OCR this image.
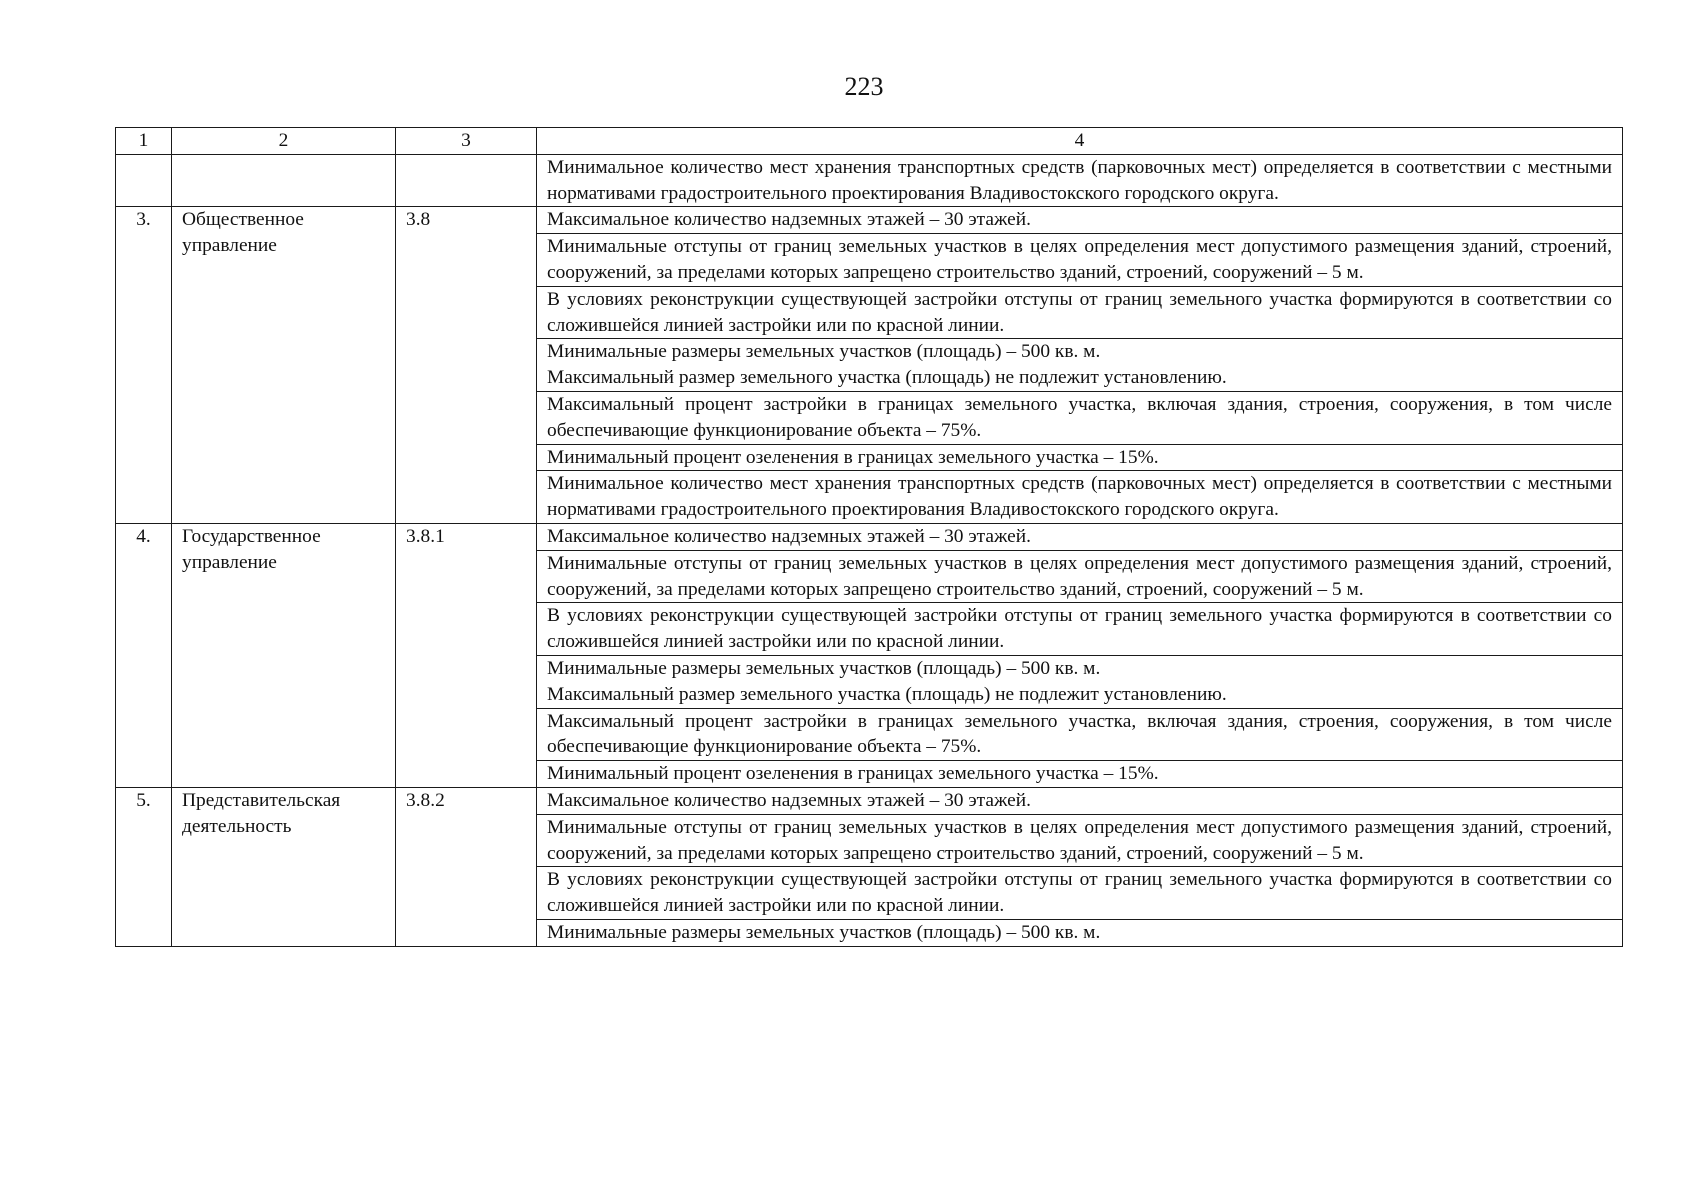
223
1	2	3	4
			Минимальное количество мест хранения транспортных средств (парковочных мест) определяется в соответствии с местными нормативами градостроительного проектирования Владивостокского городского округа.
3.	Общественное управление	3.8	Максимальное количество надземных этажей – 30 этажей.
			Минимальные отступы от границ земельных участков в целях определения мест допустимого размещения зданий, строений, сооружений, за пределами которых запрещено строительство зданий, строений, сооружений – 5 м.
			В условиях реконструкции существующей застройки отступы от границ земельного участка формируются в соответствии со сложившейся линией застройки или по красной линии.
			Минимальные размеры земельных участков (площадь) – 500 кв. м.
Максимальный размер земельного участка (площадь) не подлежит установлению.
			Максимальный процент застройки в границах земельного участка, включая здания, строения, сооружения, в том числе обеспечивающие функционирование объекта – 75%.
			Минимальный процент озеленения в границах земельного участка – 15%.
			Минимальное количество мест хранения транспортных средств (парковочных мест) определяется в соответствии с местными нормативами градостроительного проектирования Владивостокского городского округа.
4.	Государственное управление	3.8.1	Максимальное количество надземных этажей – 30 этажей.
			Минимальные отступы от границ земельных участков в целях определения мест допустимого размещения зданий, строений, сооружений, за пределами которых запрещено строительство зданий, строений, сооружений – 5 м.
			В условиях реконструкции существующей застройки отступы от границ земельного участка формируются в соответствии со сложившейся линией застройки или по красной линии.
			Минимальные размеры земельных участков (площадь) – 500 кв. м.
Максимальный размер земельного участка (площадь) не подлежит установлению.
			Максимальный процент застройки в границах земельного участка, включая здания, строения, сооружения, в том числе обеспечивающие функционирование объекта – 75%.
			Минимальный процент озеленения в границах земельного участка – 15%.
5.	Представительская деятельность	3.8.2	Максимальное количество надземных этажей – 30 этажей.
			Минимальные отступы от границ земельных участков в целях определения мест допустимого размещения зданий, строений, сооружений, за пределами которых запрещено строительство зданий, строений, сооружений – 5 м.
			В условиях реконструкции существующей застройки отступы от границ земельного участка формируются в соответствии со сложившейся линией застройки или по красной линии.
			Минимальные размеры земельных участков (площадь) – 500 кв. м.
